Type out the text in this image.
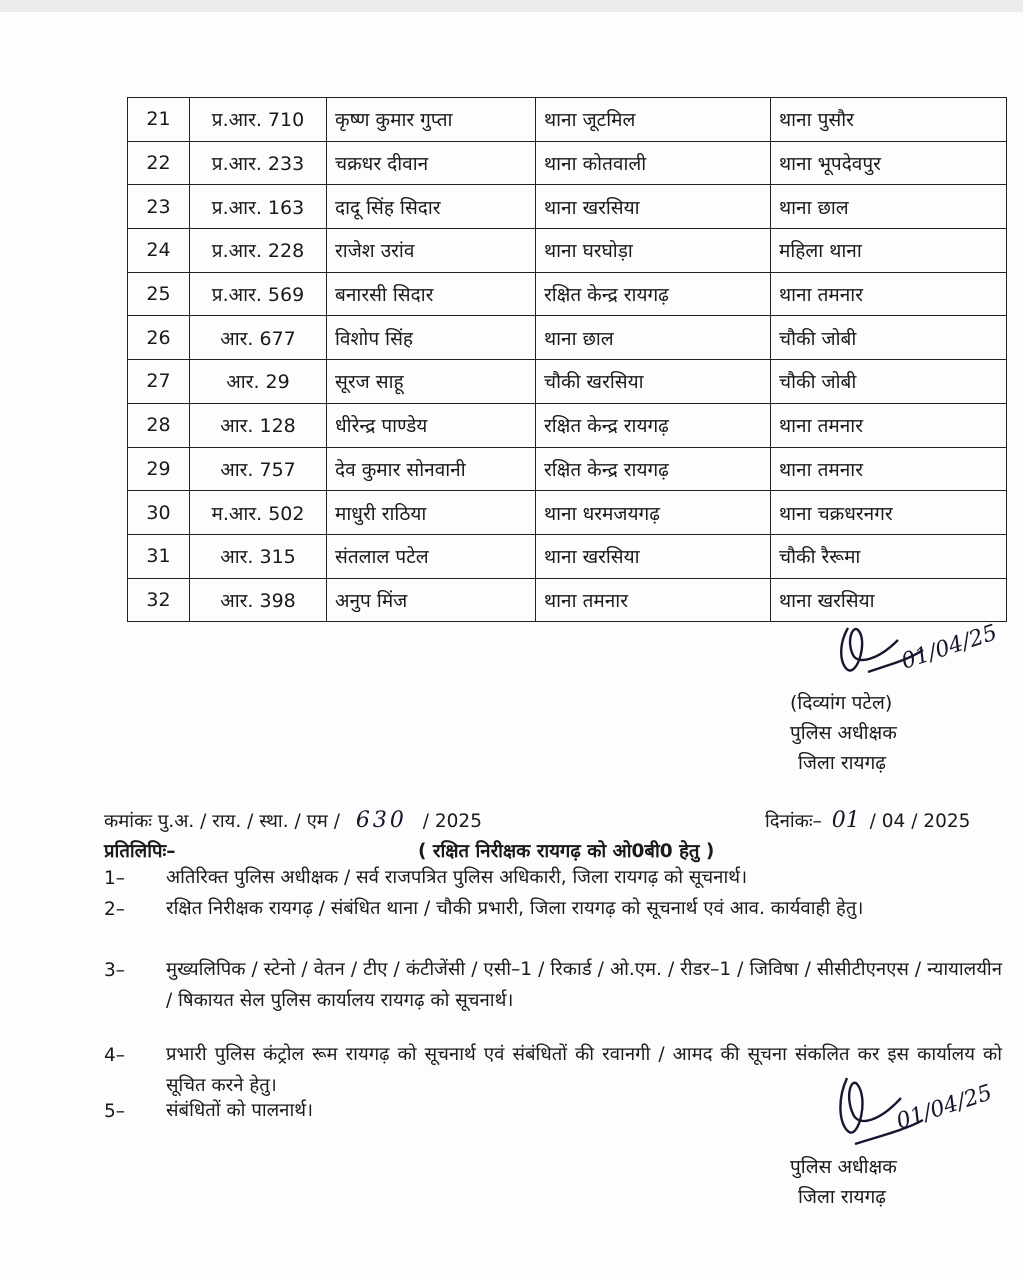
21	प्र.आर. 710	कृष्ण कुमार गुप्ता	थाना जूटमिल	थाना पुसौर
22	प्र.आर. 233	चक्रधर दीवान	थाना कोतवाली	थाना भूपदेवपुर
23	प्र.आर. 163	दादू सिंह सिदार	थाना खरसिया	थाना छाल
24	प्र.आर. 228	राजेश उरांव	थाना घरघोड़ा	महिला थाना
25	प्र.आर. 569	बनारसी सिदार	रक्षित केन्द्र रायगढ़	थाना तमनार
26	आर. 677	विशोप सिंह	थाना छाल	चौकी जोबी
27	आर. 29	सूरज साहू	चौकी खरसिया	चौकी जोबी
28	आर. 128	धीरेन्द्र पाण्डेय	रक्षित केन्द्र रायगढ़	थाना तमनार
29	आर. 757	देव कुमार सोनवानी	रक्षित केन्द्र रायगढ़	थाना तमनार
30	म.आर. 502	माधुरी राठिया	थाना धरमजयगढ़	थाना चक्रधरनगर
31	आर. 315	संतलाल पटेल	थाना खरसिया	चौकी रैरूमा
32	आर. 398	अनुप मिंज	थाना तमनार	थाना खरसिया
01/04/25
(दिव्यांग पटेल)
पुलिस अधीक्षक
जिला रायगढ़
कमांकः पु.अ. / राय. / स्था. / एम / 630 / 2025	दिनांकः– 01 / 04 / 2025
प्रतिलिपिः–	( रक्षित निरीक्षक रायगढ़ को ओ0बी0 हेतु )
1– अतिरिक्त पुलिस अधीक्षक / सर्व राजपत्रित पुलिस अधिकारी, जिला रायगढ़ को सूचनार्थ।
2– रक्षित निरीक्षक रायगढ़ / संबंधित थाना / चौकी प्रभारी, जिला रायगढ़ को सूचनार्थ एवं आव. कार्यवाही हेतु।
3– मुख्यलिपिक / स्टेनो / वेतन / टीए / कंटीजेंसी / एसी–1 / रिकार्ड / ओ.एम. / रीडर–1 / जिविषा / सीसीटीएनएस / न्यायालयीन / षिकायत सेल पुलिस कार्यालय रायगढ़ को सूचनार्थ।
4– प्रभारी पुलिस कंट्रोल रूम रायगढ़ को सूचनार्थ एवं संबंधितों की रवानगी / आमद की सूचना संकलित कर इस कार्यालय को सूचित करने हेतु।
5– संबंधितों को पालनार्थ।	01/04/25
पुलिस अधीक्षक
जिला रायगढ़
